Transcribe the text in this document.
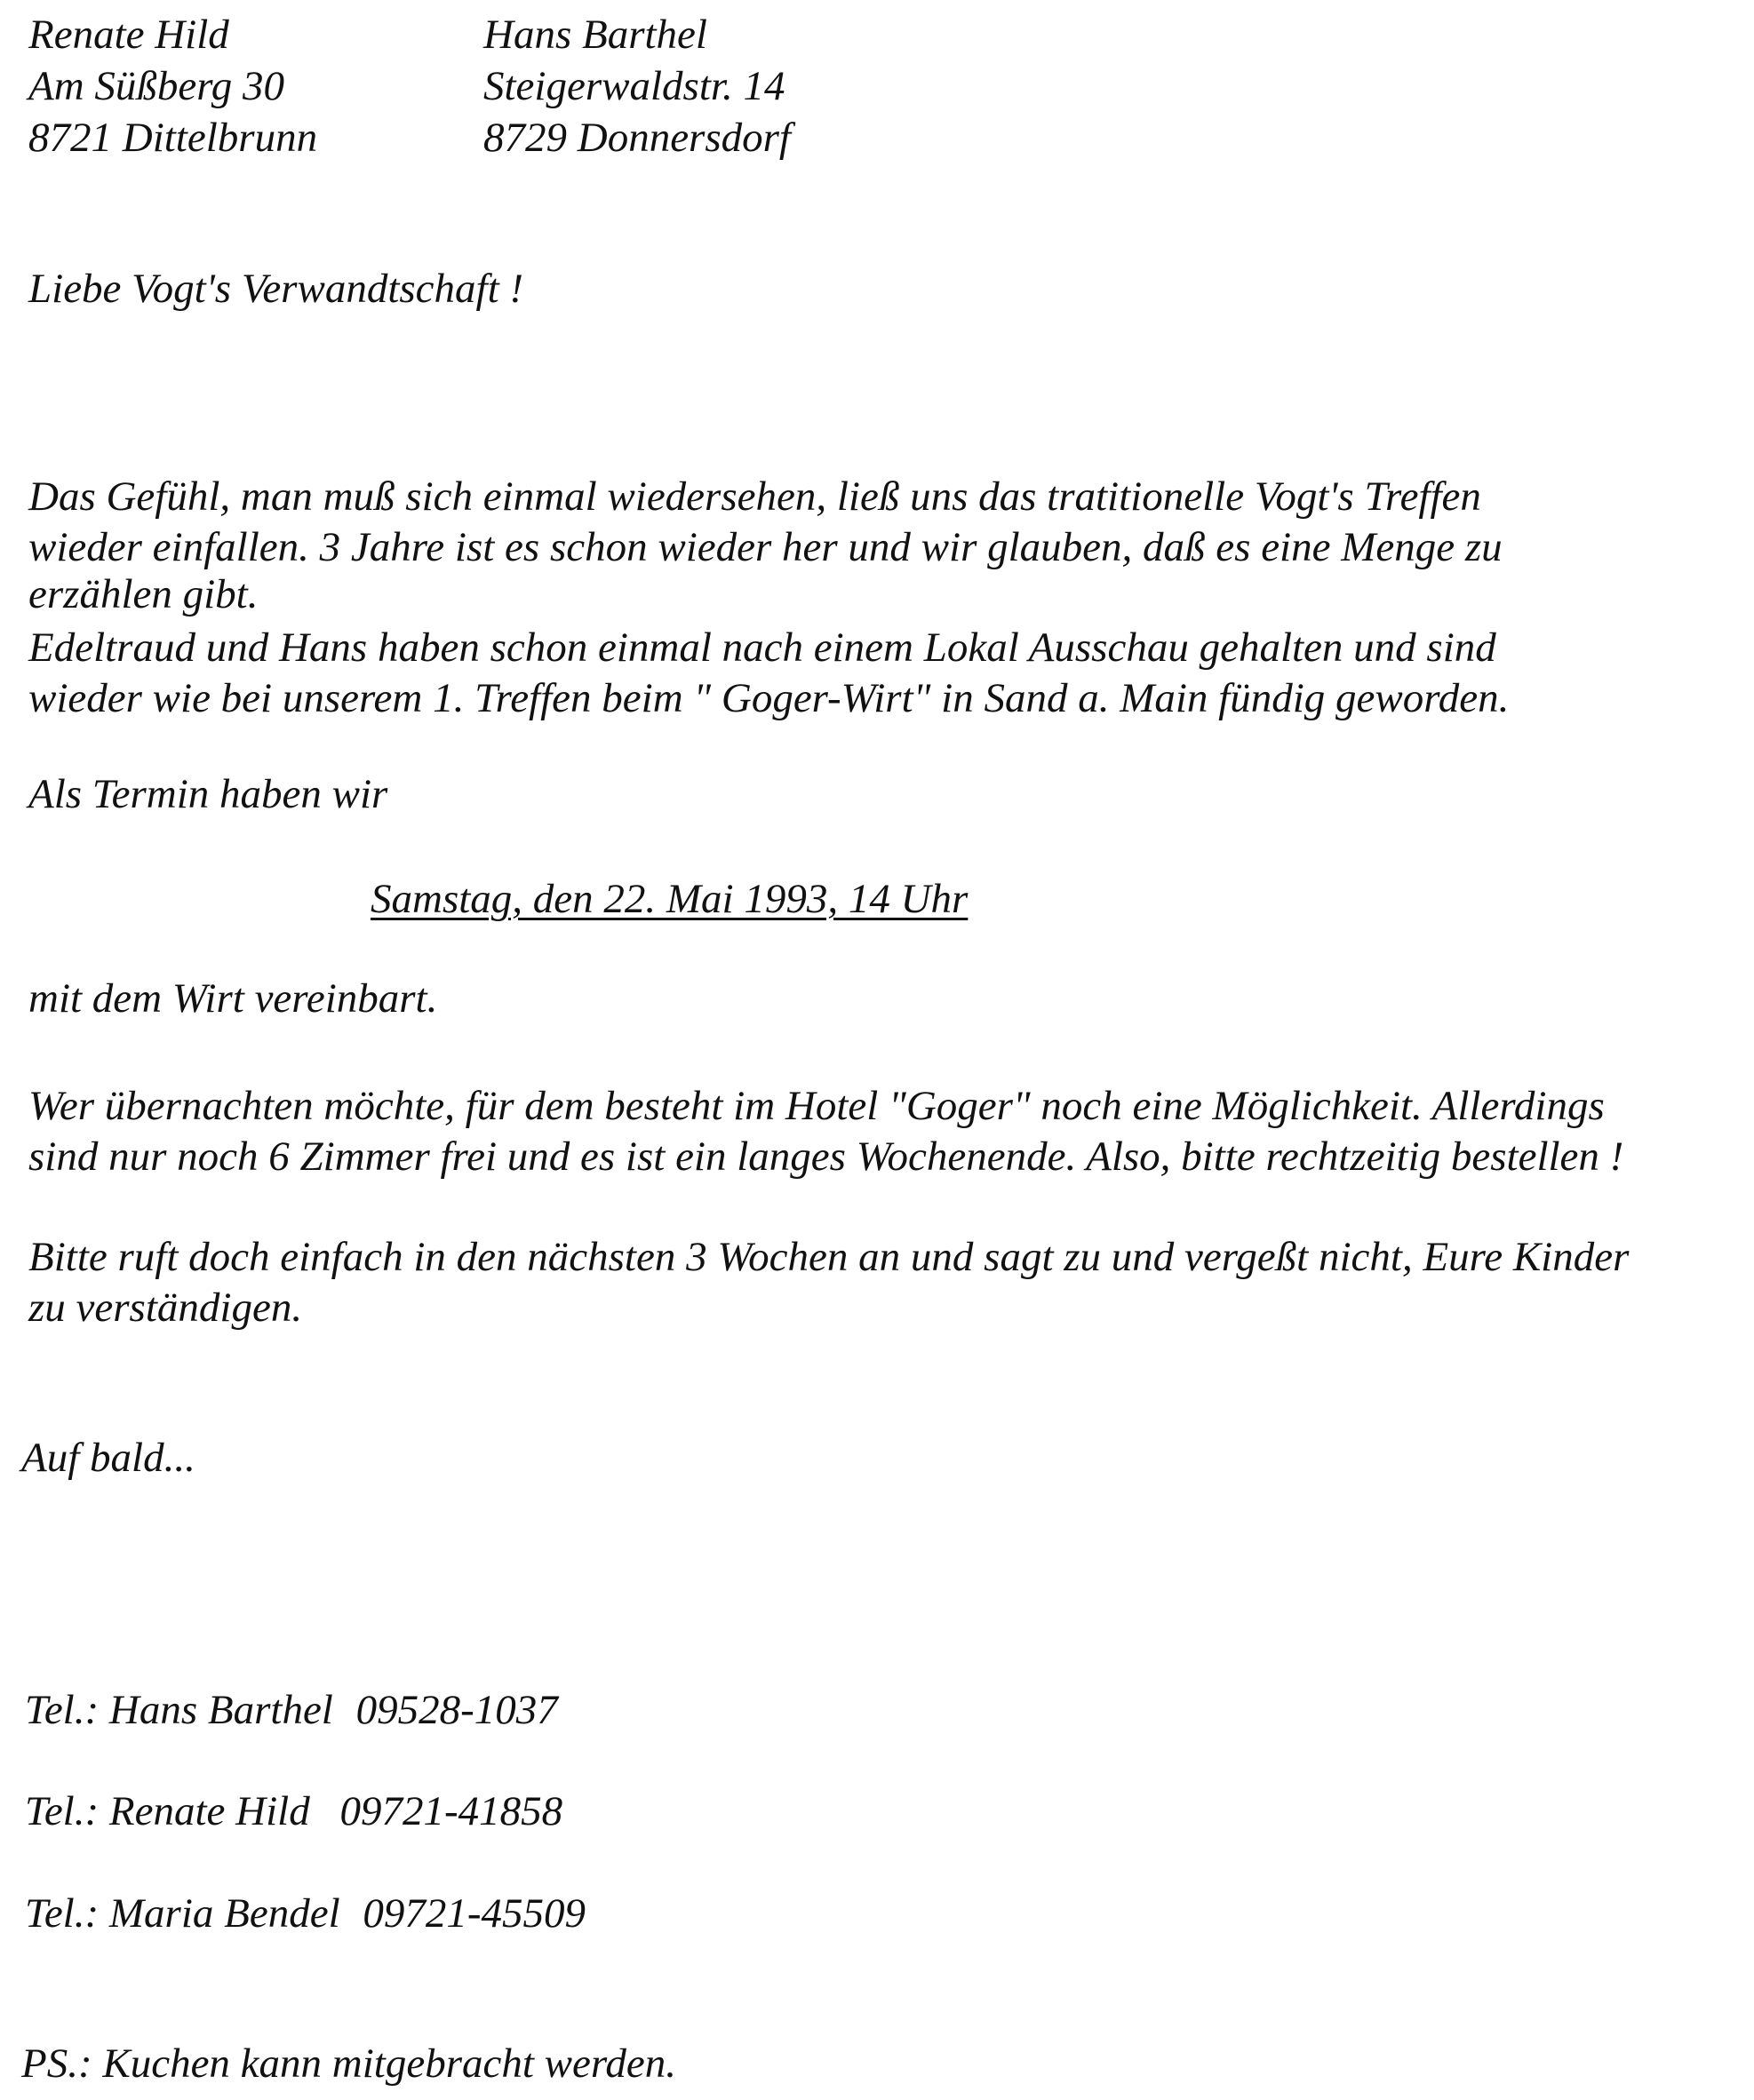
Renate Hild
Am Süßberg 30
8721 Dittelbrunn
Hans Barthel
Steigerwaldstr. 14
8729 Donnersdorf
Liebe Vogt's Verwandtschaft !
Das Gefühl, man muß sich einmal wiedersehen, ließ uns das tratitionelle Vogt's Treffen
wieder einfallen. 3 Jahre ist es schon wieder her und wir glauben, daß es eine Menge zu
erzählen gibt.
Edeltraud und Hans haben schon einmal nach einem Lokal Ausschau gehalten und sind
wieder wie bei unserem 1. Treffen beim " Goger-Wirt" in Sand a. Main fündig geworden.
Als Termin haben wir
Samstag, den 22. Mai 1993, 14 Uhr
mit dem Wirt vereinbart.
Wer übernachten möchte, für dem besteht im Hotel "Goger" noch eine Möglichkeit. Allerdings
sind nur noch 6 Zimmer frei und es ist ein langes Wochenende. Also, bitte rechtzeitig bestellen !
Bitte ruft doch einfach in den nächsten 3 Wochen an und sagt zu und vergeßt nicht, Eure Kinder
zu verständigen.
Auf bald...
Tel.: Hans Barthel 09528-1037
Tel.: Renate Hild 09721-41858
Tel.: Maria Bendel 09721-45509
PS.: Kuchen kann mitgebracht werden.
